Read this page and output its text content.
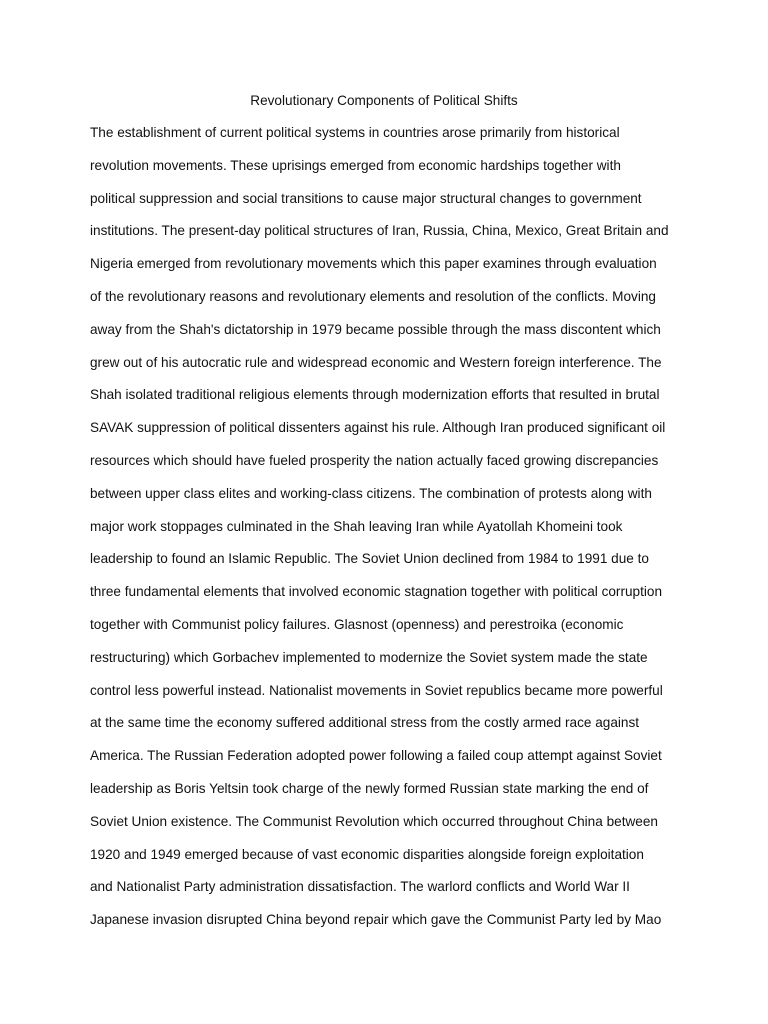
Revolutionary Components of Political Shifts
The establishment of current political systems in countries arose primarily from historical
revolution movements. These uprisings emerged from economic hardships together with
political suppression and social transitions to cause major structural changes to government
institutions. The present-day political structures of Iran, Russia, China, Mexico, Great Britain and
Nigeria emerged from revolutionary movements which this paper examines through evaluation
of the revolutionary reasons and revolutionary elements and resolution of the conflicts. Moving
away from the Shah's dictatorship in 1979 became possible through the mass discontent which
grew out of his autocratic rule and widespread economic and Western foreign interference. The
Shah isolated traditional religious elements through modernization efforts that resulted in brutal
SAVAK suppression of political dissenters against his rule. Although Iran produced significant oil
resources which should have fueled prosperity the nation actually faced growing discrepancies
between upper class elites and working-class citizens. The combination of protests along with
major work stoppages culminated in the Shah leaving Iran while Ayatollah Khomeini took
leadership to found an Islamic Republic. The Soviet Union declined from 1984 to 1991 due to
three fundamental elements that involved economic stagnation together with political corruption
together with Communist policy failures. Glasnost (openness) and perestroika (economic
restructuring) which Gorbachev implemented to modernize the Soviet system made the state
control less powerful instead. Nationalist movements in Soviet republics became more powerful
at the same time the economy suffered additional stress from the costly armed race against
America. The Russian Federation adopted power following a failed coup attempt against Soviet
leadership as Boris Yeltsin took charge of the newly formed Russian state marking the end of
Soviet Union existence. The Communist Revolution which occurred throughout China between
1920 and 1949 emerged because of vast economic disparities alongside foreign exploitation
and Nationalist Party administration dissatisfaction. The warlord conflicts and World War II
Japanese invasion disrupted China beyond repair which gave the Communist Party led by Mao
